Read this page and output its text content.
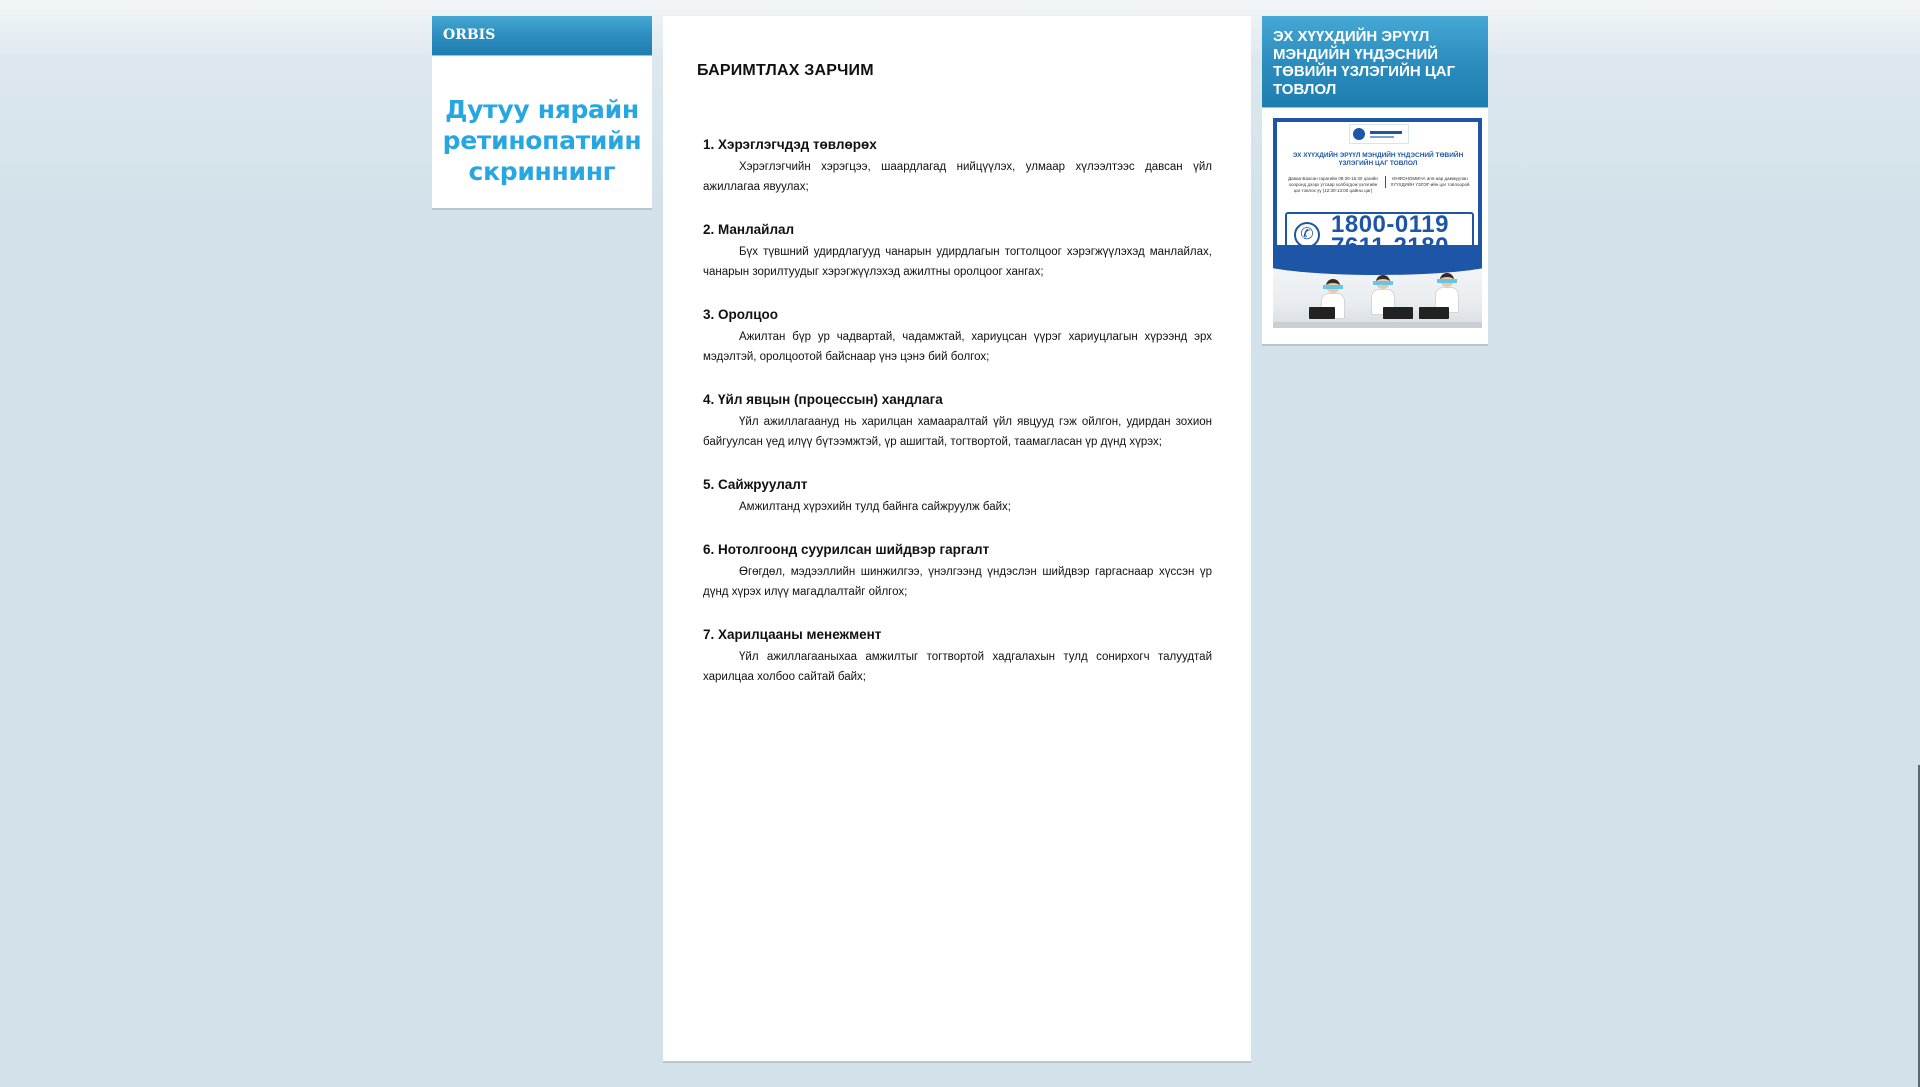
ORBIS
Дутуу нярайн
ретинопатийн
скриннинг
БАРИМТЛАХ ЗАРЧИМ
1. Хэрэглэгчдэд төвлөрөх

Хэрэглэгчийн хэрэгцээ, шаардлагад нийцүүлэх, улмаар хүлээлтээс давсан үйл ажиллагаа явуулах;

2. Манлайлал

Бүх түвшний удирдлагууд чанарын удирдлагын тогтолцоог хэрэгжүүлэхэд манлайлах, чанарын зорилтуудыг хэрэгжүүлэхэд ажилтны оролцоог хангах;

3. Оролцоо

Ажилтан бүр ур чадвартай, чадамжтай, хариуцсан үүрэг хариуцлагын хүрээнд эрх мэдэлтэй, оролцоотой байснаар үнэ цэнэ бий болгох;

4. Үйл явцын (процессын) хандлага

Үйл ажиллагаануд нь харилцан хамааралтай үйл явцууд гэж ойлгон, удирдан зохион байгуулсан үед илүү бүтээмжтэй, үр ашигтай, тогтвортой, таамагласан үр дүнд хүрэх;

5. Сайжруулалт

Амжилтанд хүрэхийн тулд байнга сайжруулж байх;

6. Нотолгоонд суурилсан шийдвэр гаргалт

Өгөгдөл, мэдээллийн шинжилгээ, үнэлгээнд үндэслэн шийдвэр гаргаснаар хүссэн үр дүнд хүрэх илүү магадлалтайг ойлгох;

7. Харилцааны менежмент

Үйл ажиллагааныхаа амжилтыг тогтвортой хадгалахын тулд сонирхогч талуудтай харилцаа холбоо сайтай байх;

ЭХ ХҮҮХДИЙН ЭРҮҮЛ МЭНДИЙН ҮНДЭСНИЙ ТӨВИЙН ҮЗЛЭГИЙН ЦАГ ТОВЛОЛ
ЭХ ХҮҮХДИЙН ЭРҮҮЛ МЭНДИЙН ҮНДЭСНИЙ ТӨВИЙН ҮЗЛЭГИЙН ЦАГ ТОВЛОЛ
Даваа-Баасан гарагийн 08:30-16:30 цагийн хооронд дээрх утсаар холбогдож үзлэгийн цаг товлох үү (12:30-13:00 цайны цаг)
ИНФОНОМИНА апп-аар дамжуулан ХҮҮХДИЙН ҮЗЛЭГ-ийн цаг товлоорой
✆ 1800-0119
